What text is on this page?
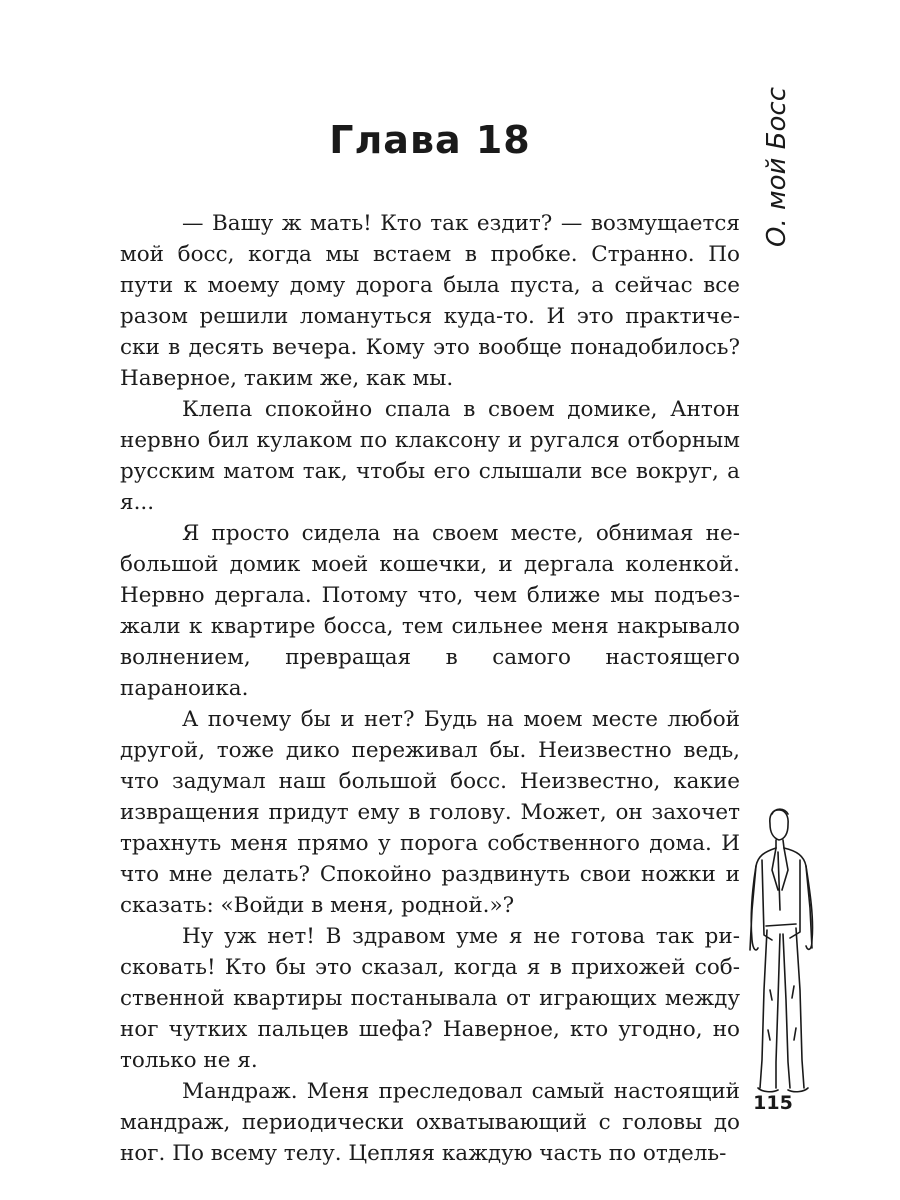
Глава 18	О. мой Босс

— Вашу ж мать! Кто так ездит? — возмущается мой босс, когда мы встаем в пробке. Странно. По пути к моему дому дорога была пуста, а сейчас все разом решили ломануться куда-то. И это практически в десять вечера. Кому это вообще понадобилось? Наверное, таким же, как мы.

Клепа спокойно спала в своем домике, Антон нервно бил кулаком по клаксону и ругался отборным русским матом так, чтобы его слышали все вокруг, а я...

Я просто сидела на своем месте, обнимая небольшой домик моей кошечки, и дергала коленкой. Нервно дергала. Потому что, чем ближе мы подъезжали к квартире босса, тем сильнее меня накрывало волнением, превращая в самого настоящего параноика.

А почему бы и нет? Будь на моем месте любой другой, тоже дико переживал бы. Неизвестно ведь, что задумал наш большой босс. Неизвестно, какие извращения придут ему в голову. Может, он захочет трахнуть меня прямо у порога собственного дома. И что мне делать? Спокойно раздвинуть свои ножки и сказать: «Войди в меня, родной.»?

Ну уж нет! В здравом уме я не готова так рисковать! Кто бы это сказал, когда я в прихожей собственной квартиры постанывала от играющих между ног чутких пальцев шефа? Наверное, кто угодно, но только не я.

Мандраж. Меня преследовал самый настоящий мандраж, периодически охватывающий с головы до ног. По всему телу. Цепляя каждую часть по отдель-

115
